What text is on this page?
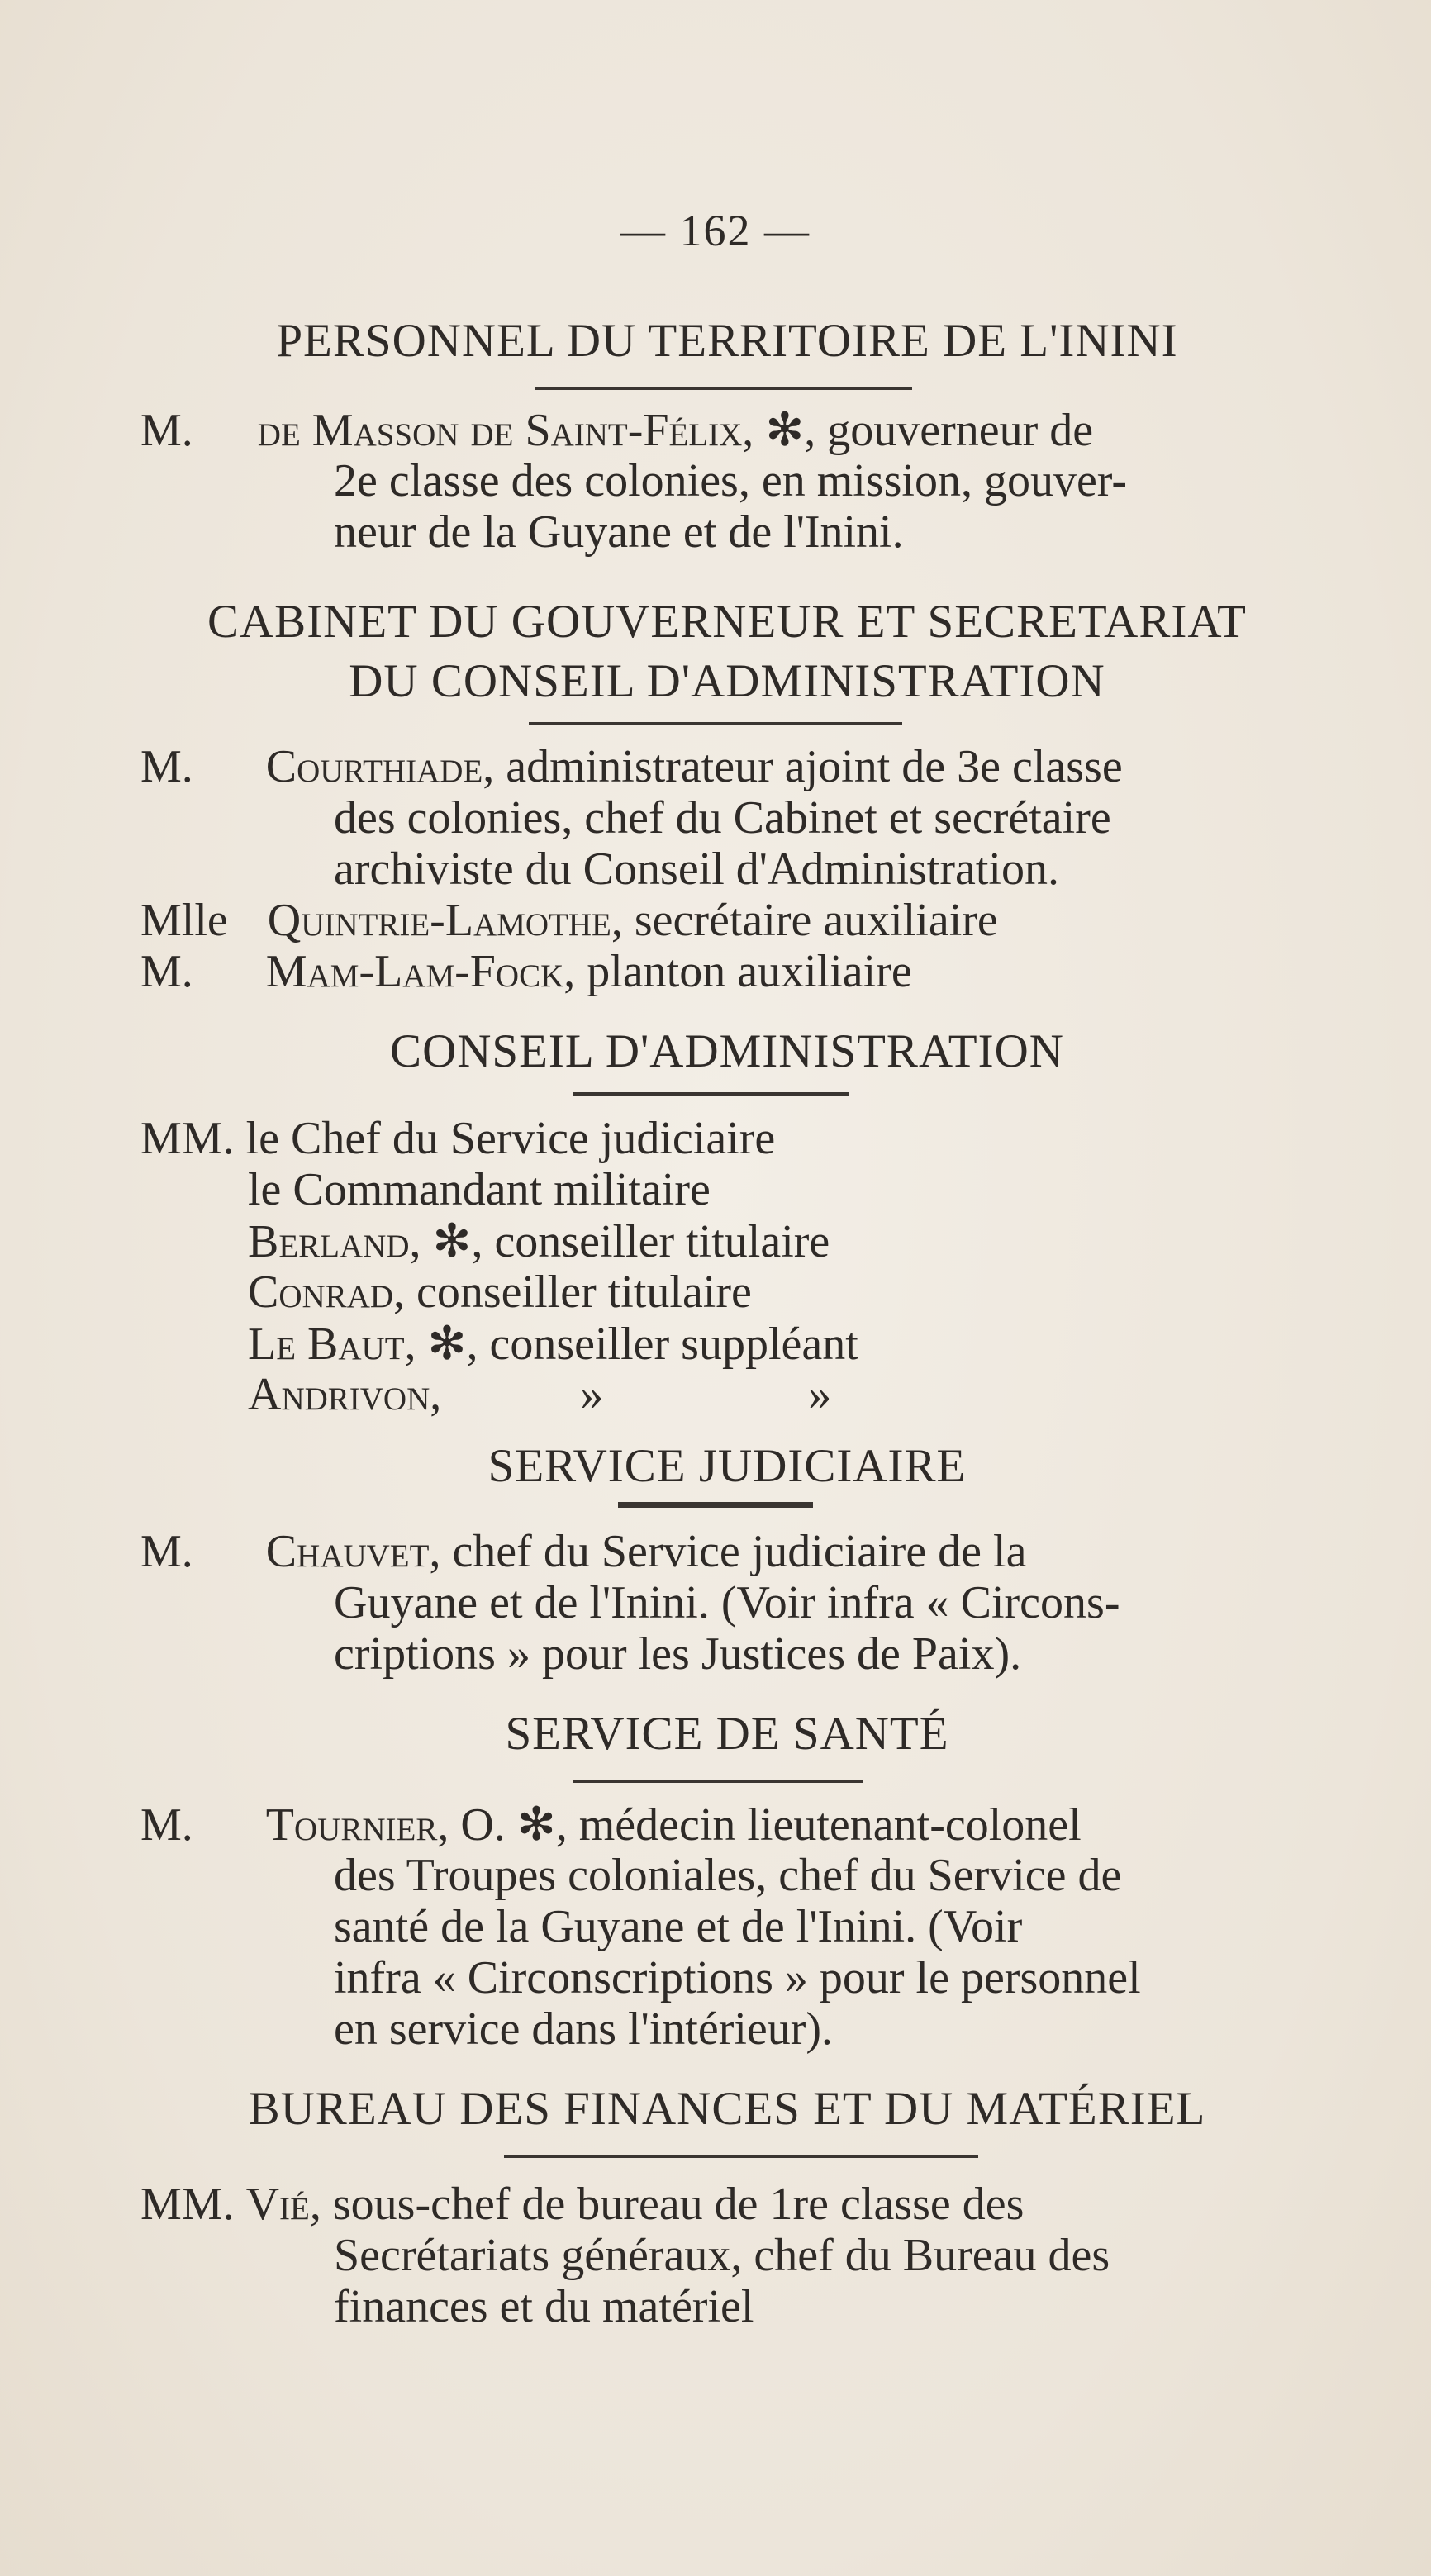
— 162 —
PERSONNEL DU TERRITOIRE DE L'ININI
M. de Masson de Saint-Félix, ✻, gouverneur de
2e classe des colonies, en mission, gouver-
neur de la Guyane et de l'Inini.
CABINET DU GOUVERNEUR ET SECRETARIAT
DU CONSEIL D'ADMINISTRATION
M. Courthiade, administrateur ajoint de 3e classe
des colonies, chef du Cabinet et secrétaire
archiviste du Conseil d'Administration.
Mlle Quintrie-Lamothe, secrétaire auxiliaire
M. Mam-Lam-Fock, planton auxiliaire
CONSEIL D'ADMINISTRATION
MM. le Chef du Service judiciaire
le Commandant militaire
Berland, ✻, conseiller titulaire
Conrad, conseiller titulaire
Le Baut, ✻, conseiller suppléant
Andrivon,	»	»
SERVICE JUDICIAIRE
M. Chauvet, chef du Service judiciaire de la
Guyane et de l'Inini. (Voir infra « Circons-
criptions » pour les Justices de Paix).
SERVICE DE SANTÉ
M. Tournier, O. ✻, médecin lieutenant-colonel
des Troupes coloniales, chef du Service de
santé de la Guyane et de l'Inini. (Voir
infra « Circonscriptions » pour le personnel
en service dans l'intérieur).
BUREAU DES FINANCES ET DU MATÉRIEL
MM. Vié, sous-chef de bureau de 1re classe des
Secrétariats généraux, chef du Bureau des
finances et du matériel
